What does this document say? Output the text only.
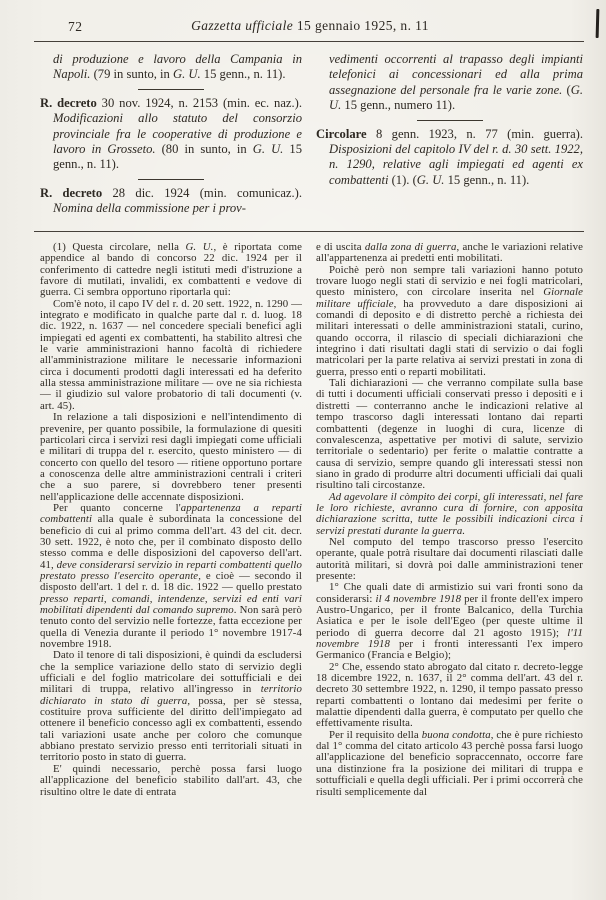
72	Gazzetta ufficiale 15 gennaio 1925, n. 11

di produzione e lavoro della Campania in Napoli. (79 in sunto, in G. U. 15 genn., n. 11).

R. decreto 30 nov. 1924, n. 2153 (min. ec. naz.). Modificazioni allo statuto del consorzio provinciale fra le cooperative di produzione e lavoro in Grosseto. (80 in sunto, in G. U. 15 genn., n. 11).

R. decreto 28 dic. 1924 (min. comunicaz.). Nomina della commissione per i prov-

vedimenti occorrenti al trapasso degli impianti telefonici ai concessionari ed alla prima assegnazione del personale fra le varie zone. (G. U. 15 genn., numero 11).

Circolare 8 genn. 1923, n. 77 (min. guerra). Disposizioni del capitolo IV del r. d. 30 sett. 1922, n. 1290, relative agli impiegati ed agenti ex combattenti (1). (G. U. 15 genn., n. 11).

(1) Questa circolare, nella G. U., è riportata come appendice al bando di concorso 22 dic. 1924 per il conferimento di cattedre negli istituti medi d'istruzione a favore di mutilati, invalidi, ex combattenti e vedove di guerra. Ci sembra opportuno riportarla qui:

Com'è noto, il capo IV del r. d. 20 sett. 1922, n. 1290 — integrato e modificato in qualche parte dal r. d. luog. 18 dic. 1922, n. 1637 — nel concedere speciali benefici agli impiegati ed agenti ex combattenti, ha stabilito altresì che le varie amministrazioni hanno facoltà di richiedere all'amministrazione militare le necessarie informazioni circa i documenti prodotti dagli interessati ed ha deferito alla stessa amministrazione militare — ove ne sia richiesta — il giudizio sul valore probatorio di tali documenti (v. art. 45).

In relazione a tali disposizioni e nell'intendimento di prevenire, per quanto possibile, la formulazione di quesiti particolari circa i servizi resi dagli impiegati come ufficiali e militari di truppa del r. esercito, questo ministero — di concerto con quello del tesoro — ritiene opportuno portare a conoscenza delle altre amministrazioni centrali i criteri che a suo parere, si dovrebbero tener presenti nell'applicazione delle accennate disposizioni.

Per quanto concerne l'appartenenza a reparti combattenti alla quale è subordinata la concessione del beneficio di cui al primo comma dell'art. 43 del cit. decr. 30 sett. 1922, è noto che, per il combinato disposto dello stesso comma e delle disposizioni del capoverso dell'art. 41, deve considerarsi servizio in reparti combattenti quello prestato presso l'esercito operante, e cioè — secondo il disposto dell'art. 1 del r. d. 18 dic. 1922 — quello prestato presso reparti, comandi, intendenze, servizi ed enti vari mobilitati dipendenti dal comando supremo. Non sarà però tenuto conto del servizio nelle fortezze, fatta eccezione per quella di Venezia durante il periodo 1° novembre 1917-4 novembre 1918.

Dato il tenore di tali disposizioni, è quindi da escludersi che la semplice variazione dello stato di servizio degli ufficiali e del foglio matricolare dei sottufficiali e dei militari di truppa, relativo all'ingresso in territorio dichiarato in stato di guerra, possa, per sè stessa, costituire prova sufficiente del diritto dell'impiegato ad ottenere il beneficio concesso agli ex combattenti, essendo tali variazioni usate anche per coloro che comunque abbiano prestato servizio presso enti territoriali situati in territorio posto in stato di guerra.

E' quindi necessario, perchè possa farsi luogo all'applicazione del beneficio stabilito dall'art. 43, che risultino oltre le date di entrata

e di uscita dalla zona di guerra, anche le variazioni relative all'appartenenza ai predetti enti mobilitati.

Poichè però non sempre tali variazioni hanno potuto trovare luogo negli stati di servizio e nei fogli matricolari, questo ministero, con circolare inserita nel Giornale militare ufficiale, ha provveduto a dare disposizioni ai comandi di deposito e di distretto perchè a richiesta dei militari interessati o delle amministrazioni statali, curino, quando occorra, il rilascio di speciali dichiarazioni che integrino i dati risultati dagli stati di servizio o dai fogli matricolari per la parte relativa ai servizi prestati in zona di guerra, presso enti o reparti mobilitati.

Tali dichiarazioni — che verranno compilate sulla base di tutti i documenti ufficiali conservati presso i depositi e i distretti — conterranno anche le indicazioni relative al tempo trascorso dagli interessati lontano dai reparti combattenti (degenze in luoghi di cura, licenze di convalescenza, aspettative per motivi di salute, servizio territoriale o sedentario) per ferite o malattie contratte a causa di servizio, sempre quando gli interessati stessi non siano in grado di produrre altri documenti ufficiali dai quali risultino tali circostanze.

Ad agevolare il còmpito dei corpi, gli interessati, nel fare le loro richieste, avranno cura di fornire, con apposita dichiarazione scritta, tutte le possibili indicazioni circa i servizi prestati durante la guerra.

Nel computo del tempo trascorso presso l'esercito operante, quale potrà risultare dai documenti rilasciati dalle autorità militari, si dovrà poi dalle amministrazioni tener presente:

1° Che quali date di armistizio sui vari fronti sono da considerarsi: il 4 novembre 1918 per il fronte dell'ex impero Austro-Ungarico, per il fronte Balcanico, della Turchia Asiatica e per le isole dell'Egeo (per queste ultime il periodo di guerra decorre dal 21 agosto 1915); l'11 novembre 1918 per i fronti interessanti l'ex impero Germanico (Francia e Belgio);

2° Che, essendo stato abrogato dal citato r. decreto-legge 18 dicembre 1922, n. 1637, il 2° comma dell'art. 43 del r. decreto 30 settembre 1922, n. 1290, il tempo passato presso reparti combattenti o lontano dai medesimi per ferite o malattie dipendenti dalla guerra, è computato per quello che effettivamente risulta.

Per il requisito della buona condotta, che è pure richiesto dal 1° comma del citato articolo 43 perchè possa farsi luogo all'applicazione del beneficio sopraccennato, occorre fare una distinzione fra la posizione dei militari di truppa e sottufficiali e quella degli ufficiali. Per i primi occorrerà che risulti semplicemente dal
